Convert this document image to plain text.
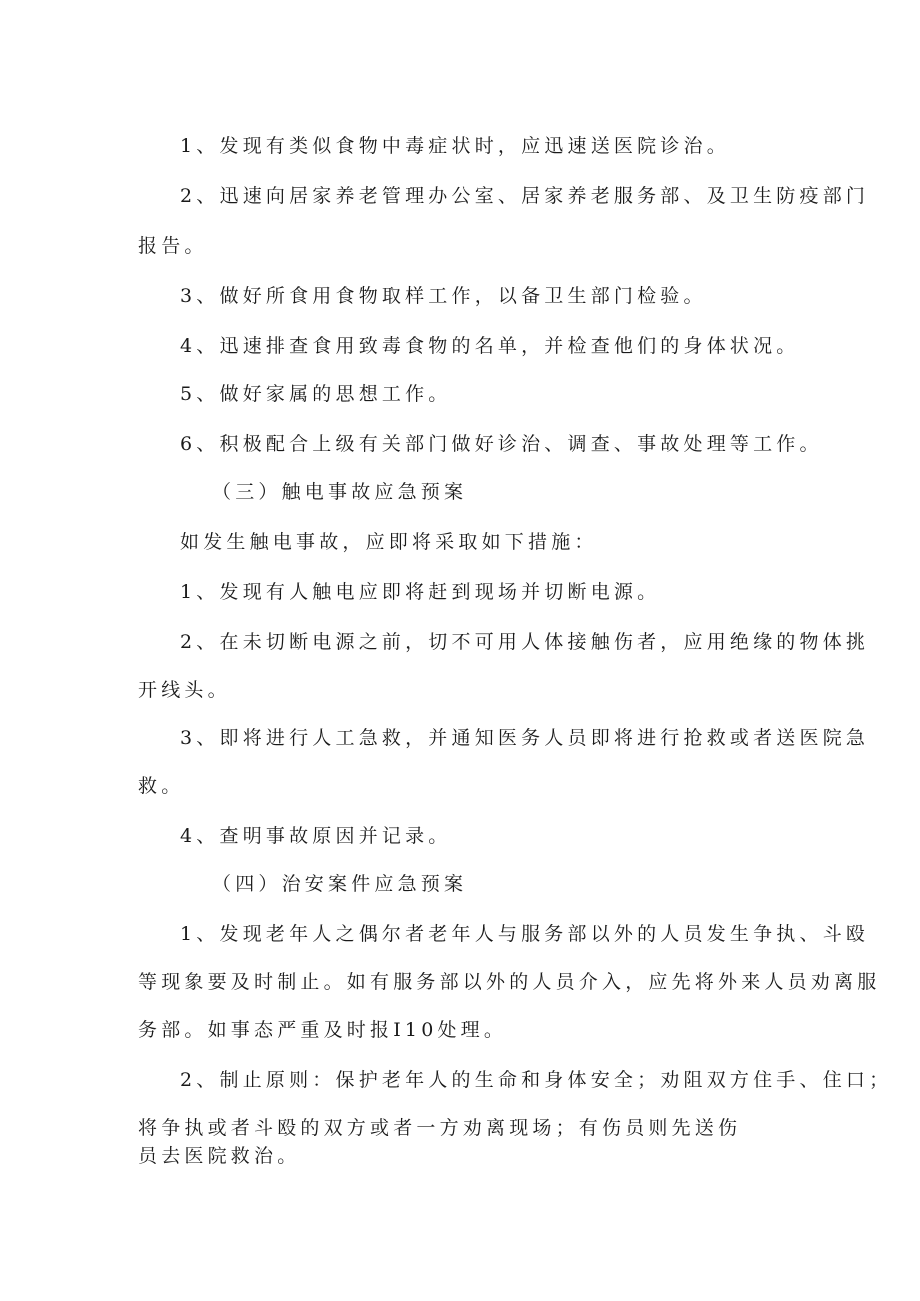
1、发现有类似食物中毒症状时，应迅速送医院诊治。
2、迅速向居家养老管理办公室、居家养老服务部、及卫生防疫部门
报告。
3、做好所食用食物取样工作，以备卫生部门检验。
4、迅速排查食用致毒食物的名单，并检查他们的身体状况。
5、做好家属的思想工作。
6、积极配合上级有关部门做好诊治、调查、事故处理等工作。
（三）触电事故应急预案
如发生触电事故，应即将采取如下措施：
1、发现有人触电应即将赶到现场并切断电源。
2、在未切断电源之前，切不可用人体接触伤者，应用绝缘的物体挑
开线头。
3、即将进行人工急救，并通知医务人员即将进行抢救或者送医院急
救。
4、查明事故原因并记录。
（四）治安案件应急预案
1、发现老年人之偶尔者老年人与服务部以外的人员发生争执、斗殴
等现象要及时制止。如有服务部以外的人员介入，应先将外来人员劝离服
务部。如事态严重及时报I10处理。
2、制止原则：保护老年人的生命和身体安全；劝阻双方住手、住口；
将争执或者斗殴的双方或者一方劝离现场；有伤员则先送伤
员去医院救治。
